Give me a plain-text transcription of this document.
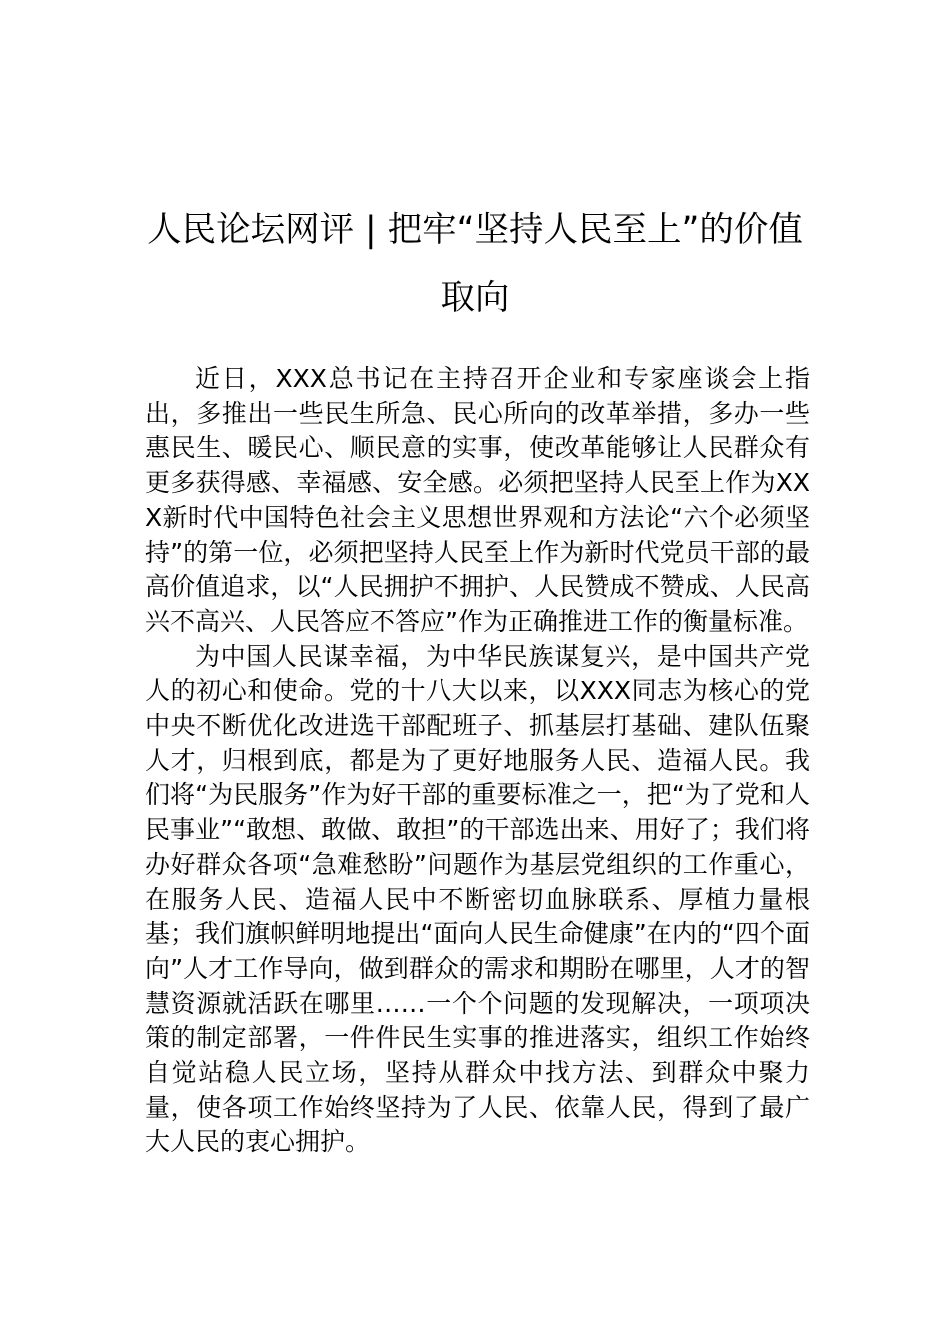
人民论坛网评 | 把牢“坚持人民至上”的价值取向

近日，XXX总书记在主持召开企业和专家座谈会上指出，多推出一些民生所急、民心所向的改革举措，多办一些惠民生、暖民心、顺民意的实事，使改革能够让人民群众有更多获得感、幸福感、安全感。必须把坚持人民至上作为XXX新时代中国特色社会主义思想世界观和方法论“六个必须坚持”的第一位，必须把坚持人民至上作为新时代党员干部的最高价值追求，以“人民拥护不拥护、人民赞成不赞成、人民高兴不高兴、人民答应不答应”作为正确推进工作的衡量标准。

为中国人民谋幸福，为中华民族谋复兴，是中国共产党人的初心和使命。党的十八大以来，以XXX同志为核心的党中央不断优化改进选干部配班子、抓基层打基础、建队伍聚人才，归根到底，都是为了更好地服务人民、造福人民。我们将“为民服务”作为好干部的重要标准之一，把“为了党和人民事业”“敢想、敢做、敢担”的干部选出来、用好了；我们将办好群众各项“急难愁盼”问题作为基层党组织的工作重心，在服务人民、造福人民中不断密切血脉联系、厚植力量根基；我们旗帜鲜明地提出“面向人民生命健康”在内的“四个面向”人才工作导向，做到群众的需求和期盼在哪里，人才的智慧资源就活跃在哪里……一个个问题的发现解决，一项项决策的制定部署，一件件民生实事的推进落实，组织工作始终自觉站稳人民立场，坚持从群众中找方法、到群众中聚力量，使各项工作始终坚持为了人民、依靠人民，得到了最广大人民的衷心拥护。
